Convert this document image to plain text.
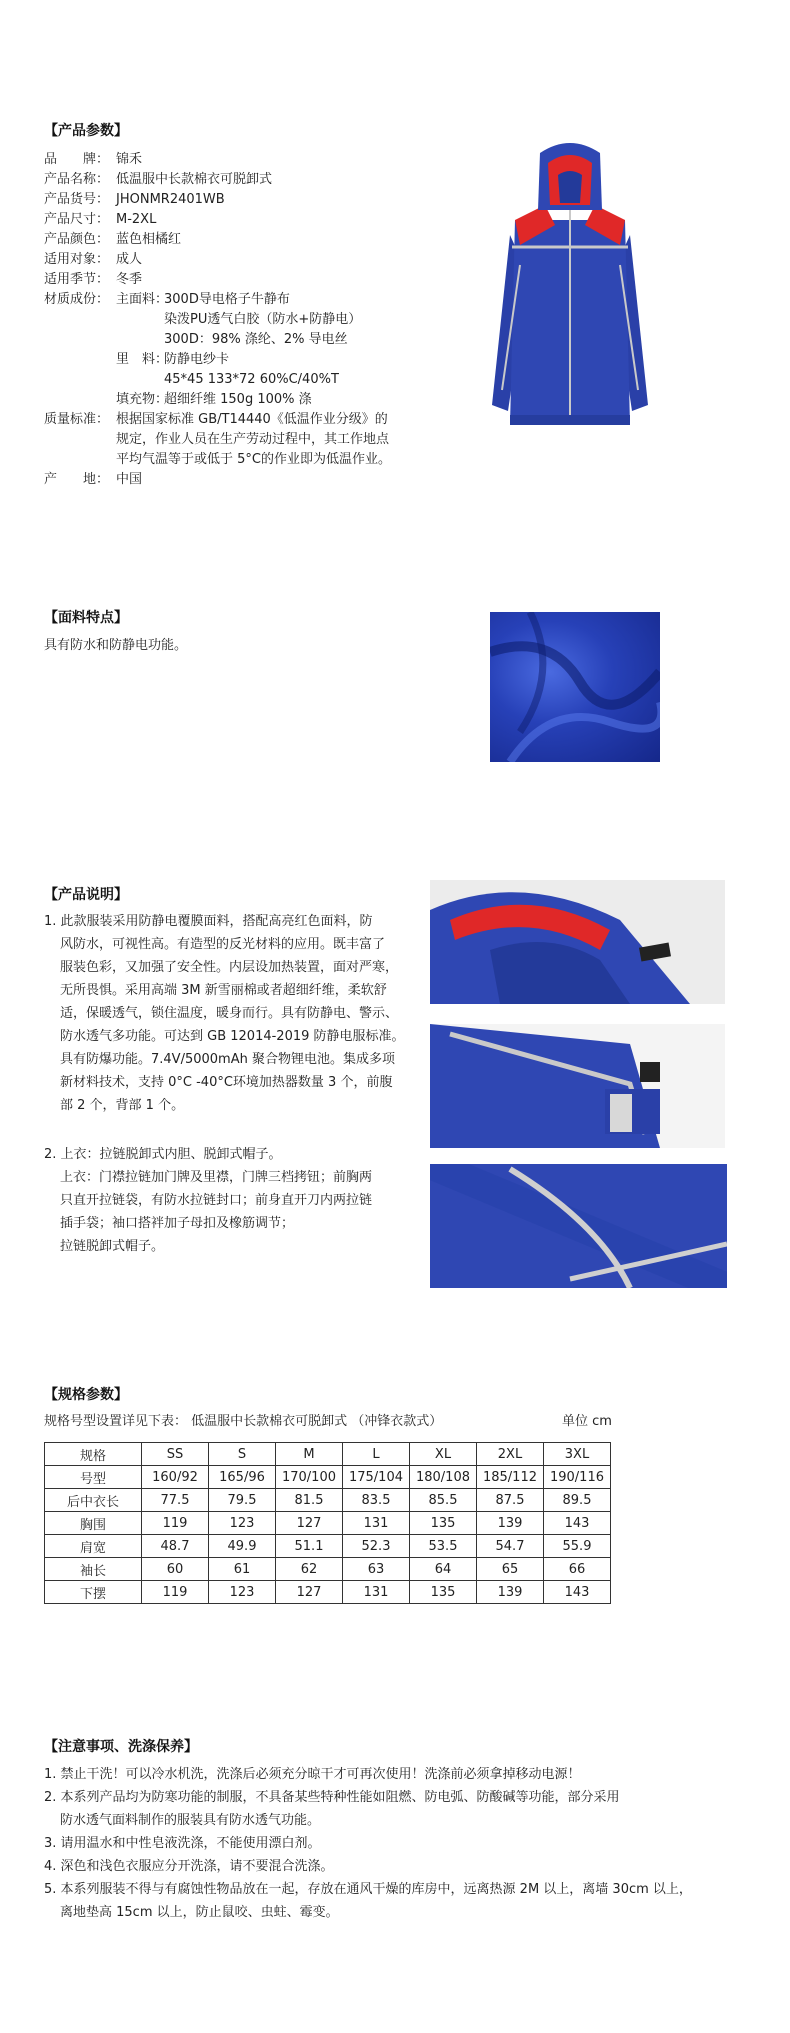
【产品参数】
品　　牌： 锦禾
产品名称： 低温服中长款棉衣可脱卸式
产品货号： JHONMR2401WB
产品尺寸： M-2XL
产品颜色： 蓝色相橘红
适用对象： 成人
适用季节： 冬季
材质成份： 主面料：
300D导电格子牛静布
染泼PU透气白胶（防水+防静电）
300D：98% 涤纶、2% 导电丝
里　料：
防静电纱卡
45*45 133*72 60%C/40%T
填充物：
超细纤维 150g 100% 涤
质量标准： 根据国家标准 GB/T14440《低温作业分级》的
规定，作业人员在生产劳动过程中，其工作地点
平均气温等于或低于 5°C的作业即为低温作业。
产　　地： 中国
【面料特点】
具有防水和防静电功能。
【产品说明】
1. 此款服装采用防静电覆膜面料，搭配高亮红色面料，防
风防水，可视性高。有造型的反光材料的应用。既丰富了
服装色彩，又加强了安全性。内层设加热装置，面对严寒，
无所畏惧。采用高端 3M 新雪丽棉或者超细纤维，柔软舒
适，保暖透气，锁住温度，暖身而行。具有防静电、警示、
防水透气多功能。可达到 GB 12014-2019 防静电服标准。
具有防爆功能。7.4V/5000mAh 聚合物锂电池。集成多项
新材料技术，支持 0°C -40°C环境加热器数量 3 个，前腹
部 2 个，背部 1 个。
2. 上衣：拉链脱卸式内胆、脱卸式帽子。
上衣：门襟拉链加门牌及里襟，门牌三档拷钮；前胸两
只直开拉链袋，有防水拉链封口；前身直开刀内两拉链
插手袋；袖口搭袢加子母扣及橡筋调节；
拉链脱卸式帽子。
【规格参数】
规格号型设置详见下表： 低温服中长款棉衣可脱卸式 （冲锋衣款式）	单位 cm
规格	SS	S	M	L	XL	2XL	3XL
号型	160/92	165/96	170/100	175/104	180/108	185/112	190/116
后中衣长	77.5	79.5	81.5	83.5	85.5	87.5	89.5
胸围	119	123	127	131	135	139	143
肩宽	48.7	49.9	51.1	52.3	53.5	54.7	55.9
袖长	60	61	62	63	64	65	66
下摆	119	123	127	131	135	139	143
【注意事项、洗涤保养】
1. 禁止干洗！可以冷水机洗，洗涤后必须充分晾干才可再次使用！洗涤前必须拿掉移动电源！
2. 本系列产品均为防寒功能的制服，不具备某些特种性能如阻燃、防电弧、防酸碱等功能，部分采用
防水透气面料制作的服装具有防水透气功能。
3. 请用温水和中性皂液洗涤，不能使用漂白剂。
4. 深色和浅色衣服应分开洗涤，请不要混合洗涤。
5. 本系列服装不得与有腐蚀性物品放在一起，存放在通风干燥的库房中，远离热源 2M 以上，离墙 30cm 以上，
离地垫高 15cm 以上，防止鼠咬、虫蛀、霉变。
